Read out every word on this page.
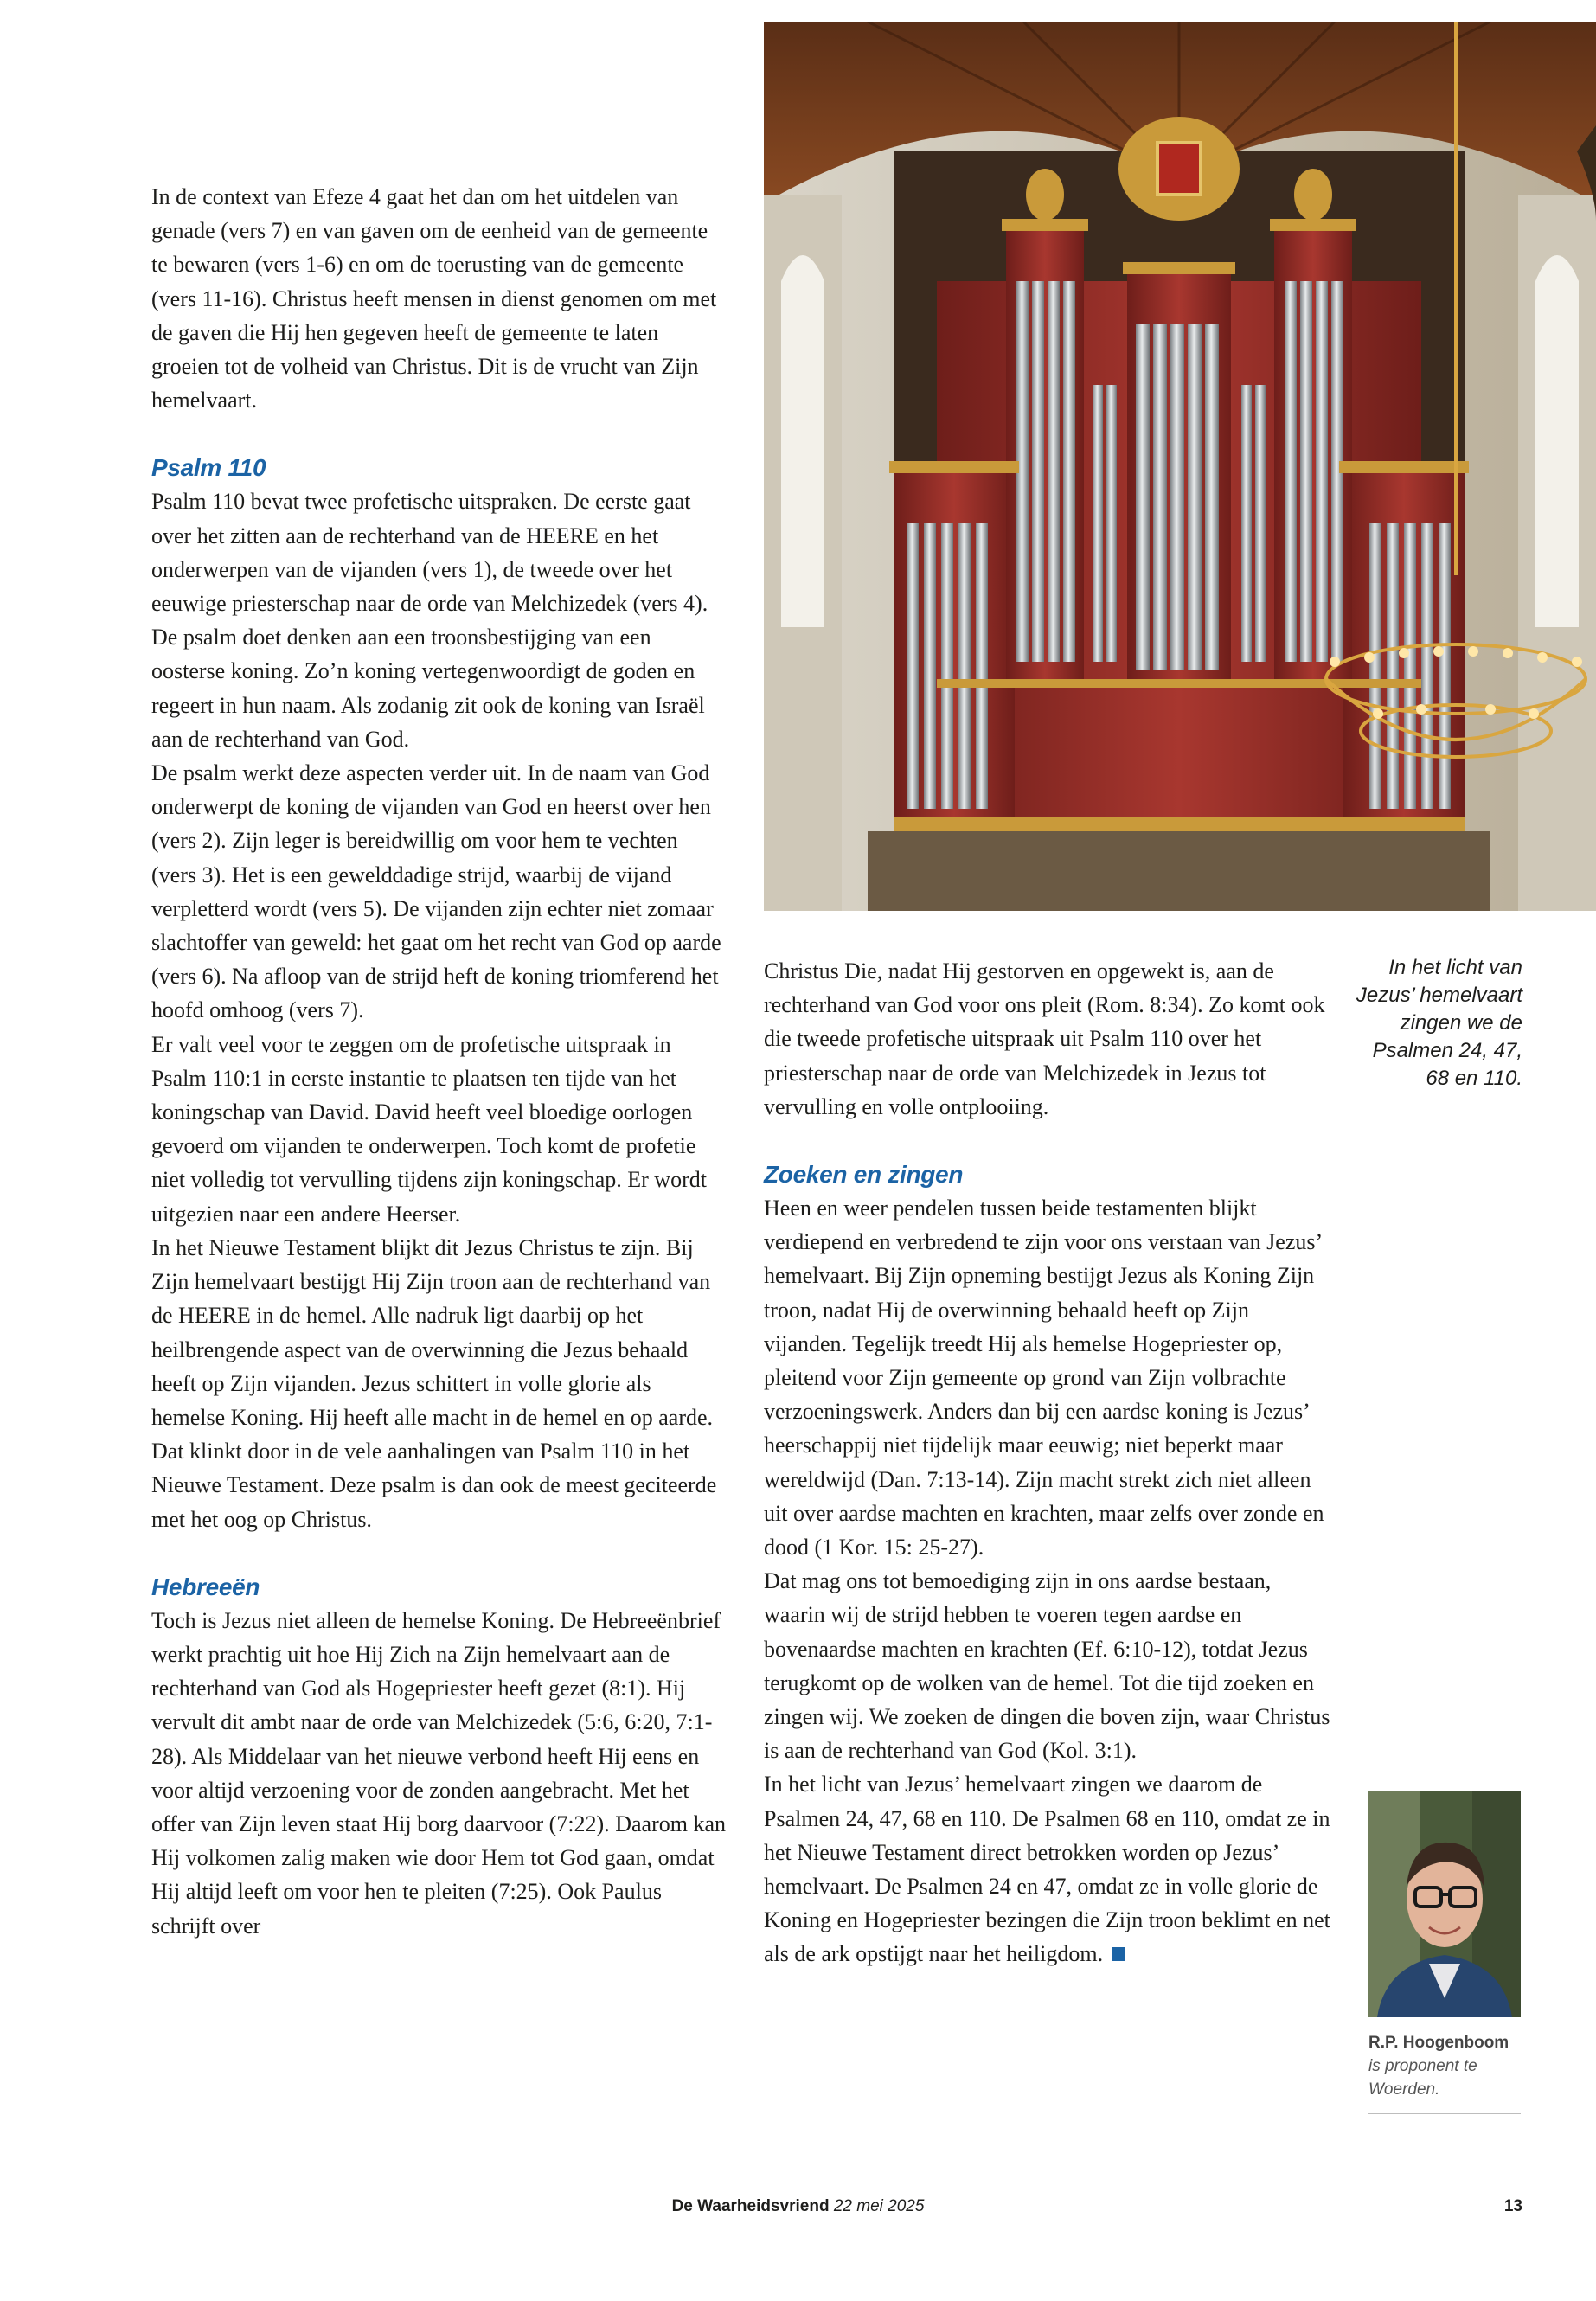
In de context van Efeze 4 gaat het dan om het uitdelen van genade (vers 7) en van gaven om de eenheid van de gemeente te bewaren (vers 1-6) en om de toerusting van de gemeente (vers 11-16). Christus heeft mensen in dienst genomen om met de gaven die Hij hen gegeven heeft de gemeente te laten groeien tot de volheid van Christus. Dit is de vrucht van Zijn hemelvaart.

Psalm 110

Psalm 110 bevat twee profetische uitspraken. De eerste gaat over het zitten aan de rechterhand van de HEERE en het onderwerpen van de vijanden (vers 1), de tweede over het eeuwige priesterschap naar de orde van Melchizedek (vers 4). De psalm doet denken aan een troonsbestijging van een oosterse koning. Zo’n koning vertegenwoordigt de goden en regeert in hun naam. Als zodanig zit ook de koning van Israël aan de rechterhand van God.

De psalm werkt deze aspecten verder uit. In de naam van God onderwerpt de koning de vijanden van God en heerst over hen (vers 2). Zijn leger is bereidwillig om voor hem te vechten (vers 3). Het is een gewelddadige strijd, waarbij de vijand verpletterd wordt (vers 5). De vijanden zijn echter niet zomaar slachtoffer van geweld: het gaat om het recht van God op aarde (vers 6). Na afloop van de strijd heft de koning triomferend het hoofd omhoog (vers 7).

Er valt veel voor te zeggen om de profetische uitspraak in Psalm 110:1 in eerste instantie te plaatsen ten tijde van het koningschap van David. David heeft veel bloedige oorlogen gevoerd om vijanden te onderwerpen. Toch komt de profetie niet volledig tot vervulling tijdens zijn koningschap. Er wordt uitgezien naar een andere Heerser.

In het Nieuwe Testament blijkt dit Jezus Christus te zijn. Bij Zijn hemelvaart bestijgt Hij Zijn troon aan de rechterhand van de HEERE in de hemel. Alle nadruk ligt daarbij op het heilbrengende aspect van de overwinning die Jezus behaald heeft op Zijn vijanden. Jezus schittert in volle glorie als hemelse Koning. Hij heeft alle macht in de hemel en op aarde. Dat klinkt door in de vele aanhalingen van Psalm 110 in het Nieuwe Testament. Deze psalm is dan ook de meest geciteerde met het oog op Christus.

Hebreeën

Toch is Jezus niet alleen de hemelse Koning. De Hebreeënbrief werkt prachtig uit hoe Hij Zich na Zijn hemelvaart aan de rechterhand van God als Hogepriester heeft gezet (8:1). Hij vervult dit ambt naar de orde van Melchizedek (5:6, 6:20, 7:1-28). Als Middelaar van het nieuwe verbond heeft Hij eens en voor altijd verzoening voor de zonden aangebracht. Met het offer van Zijn leven staat Hij borg daarvoor (7:22). Daarom kan Hij volkomen zalig maken wie door Hem tot God gaan, omdat Hij altijd leeft om voor hen te pleiten (7:25). Ook Paulus schrijft over

Christus Die, nadat Hij gestorven en opgewekt is, aan de rechterhand van God voor ons pleit (Rom. 8:34). Zo komt ook die tweede profetische uitspraak uit Psalm 110 over het priesterschap naar de orde van Melchizedek in Jezus tot vervulling en volle ontplooiing.

Zoeken en zingen

Heen en weer pendelen tussen beide testamenten blijkt verdiepend en verbredend te zijn voor ons verstaan van Jezus’ hemelvaart. Bij Zijn opneming bestijgt Jezus als Koning Zijn troon, nadat Hij de overwinning behaald heeft op Zijn vijanden. Tegelijk treedt Hij als hemelse Hogepriester op, pleitend voor Zijn gemeente op grond van Zijn volbrachte verzoeningswerk. Anders dan bij een aardse koning is Jezus’ heerschappij niet tijdelijk maar eeuwig; niet beperkt maar wereldwijd (Dan. 7:13-14). Zijn macht strekt zich niet alleen uit over aardse machten en krachten, maar zelfs over zonde en dood (1 Kor. 15: 25-27).

Dat mag ons tot bemoediging zijn in ons aardse bestaan, waarin wij de strijd hebben te voeren tegen aardse en bovenaardse machten en krachten (Ef. 6:10-12), totdat Jezus terugkomt op de wolken van de hemel. Tot die tijd zoeken en zingen wij. We zoeken de dingen die boven zijn, waar Christus is aan de rechterhand van God (Kol. 3:1).

In het licht van Jezus’ hemelvaart zingen we daarom de Psalmen 24, 47, 68 en 110. De Psalmen 68 en 110, omdat ze in het Nieuwe Testament direct betrokken worden op Jezus’ hemelvaart. De Psalmen 24 en 47, omdat ze in volle glorie de Koning en Hogepriester bezingen die Zijn troon beklimt en net als de ark opstijgt naar het heiligdom.

In het licht van Jezus’ hemelvaart zingen we de Psalmen 24, 47, 68 en 110.
R.P. Hoogenboom
is proponent te
Woerden.
De Waarheidsvriend 22 mei 2025	13
